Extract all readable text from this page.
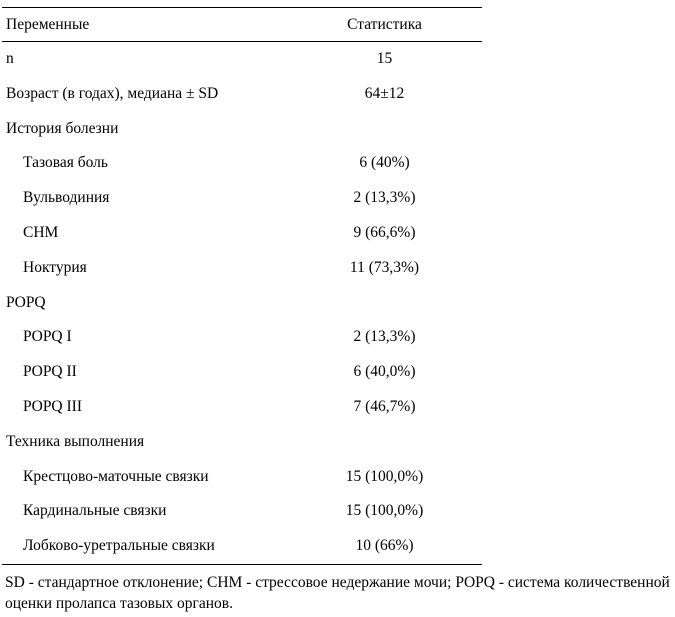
Переменные	Статистика
n	15
Возраст (в годах), медиана ± SD	64±12
История болезни
Тазовая боль	6 (40%)
Вульводиния	2 (13,3%)
СНМ	9 (66,6%)
Ноктурия	11 (73,3%)
POPQ
POPQ I	2 (13,3%)
POPQ II	6 (40,0%)
POPQ III	7 (46,7%)
Техника выполнения
Крестцово-маточные связки	15 (100,0%)
Кардинальные связки	15 (100,0%)
Лобково-уретральные связки	10 (66%)
SD - стандартное отклонение; СНМ - стрессовое недержание мочи; POPQ - система количественной оценки пролапса тазовых органов.
